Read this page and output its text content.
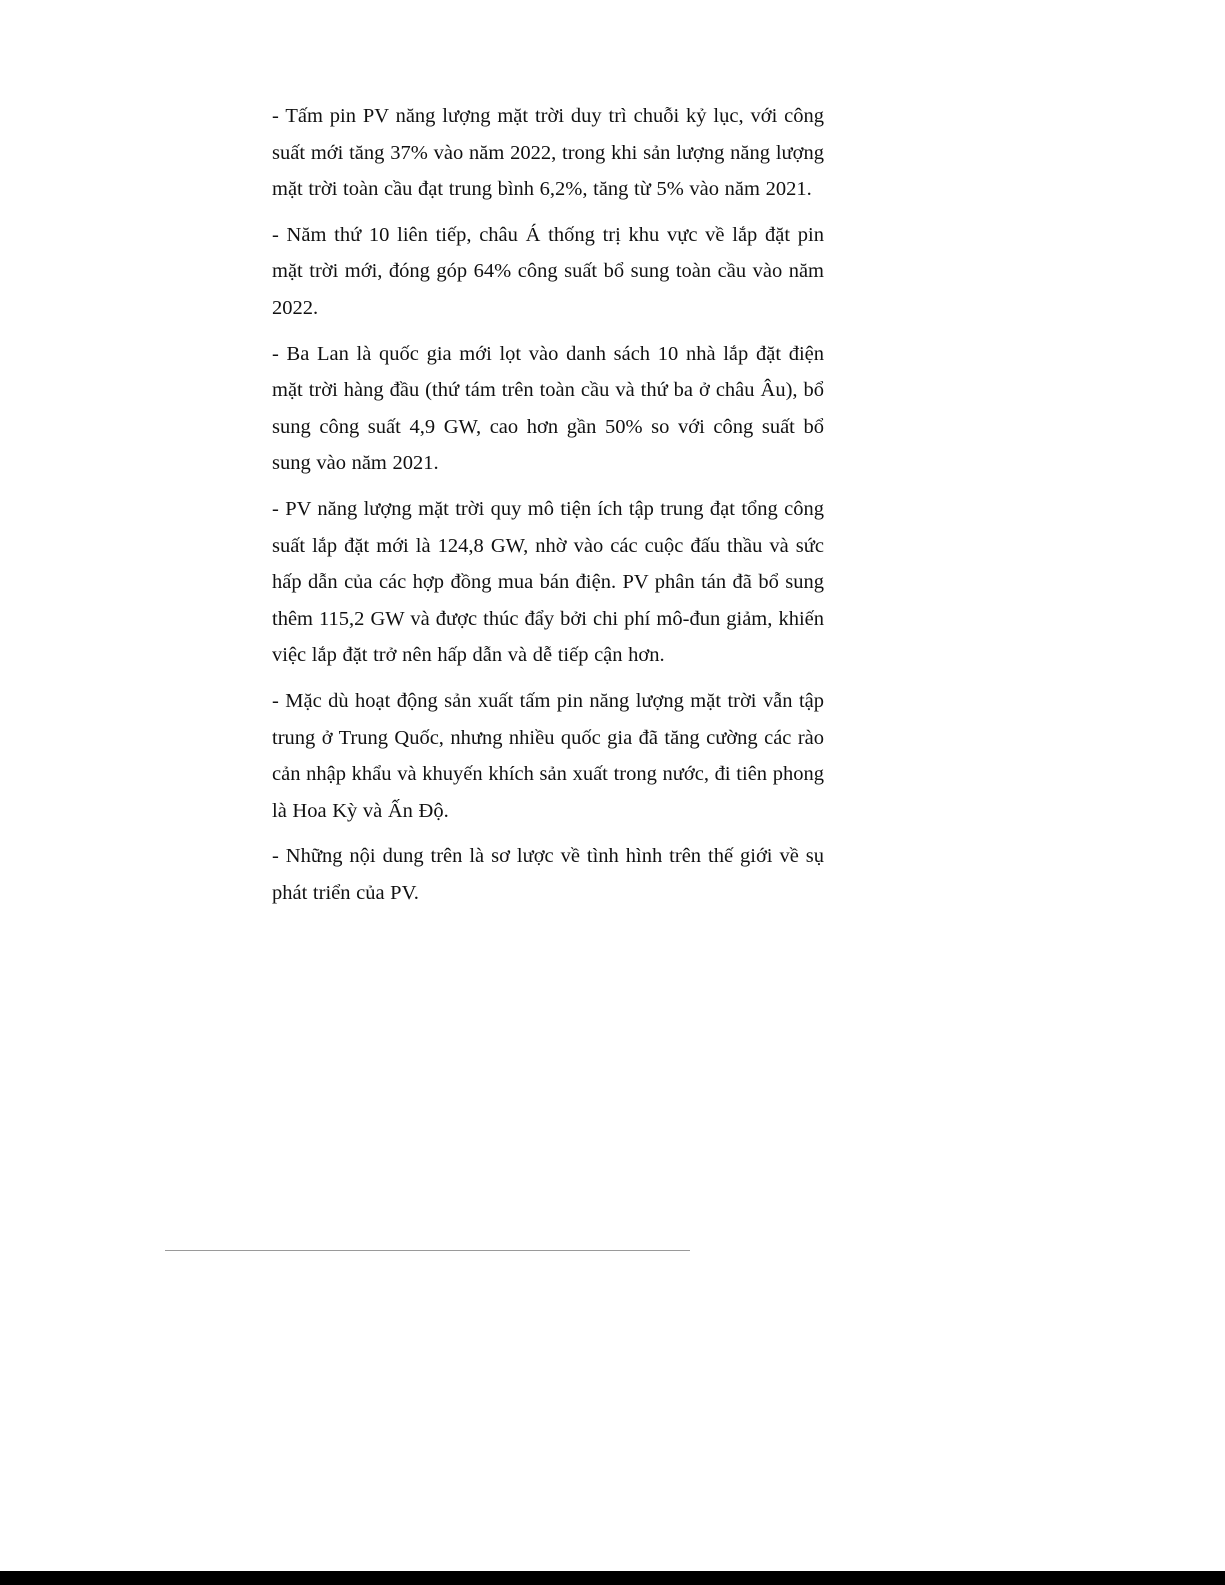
- Tấm pin PV năng lượng mặt trời duy trì chuỗi kỷ lục, với công suất mới tăng 37% vào năm 2022, trong khi sản lượng năng lượng mặt trời toàn cầu đạt trung bình 6,2%, tăng từ 5% vào năm 2021.

- Năm thứ 10 liên tiếp, châu Á thống trị khu vực về lắp đặt pin mặt trời mới, đóng góp 64% công suất bổ sung toàn cầu vào năm 2022.

- Ba Lan là quốc gia mới lọt vào danh sách 10 nhà lắp đặt điện mặt trời hàng đầu (thứ tám trên toàn cầu và thứ ba ở châu Âu), bổ sung công suất 4,9 GW, cao hơn gần 50% so với công suất bổ sung vào năm 2021.

- PV năng lượng mặt trời quy mô tiện ích tập trung đạt tổng công suất lắp đặt mới là 124,8 GW, nhờ vào các cuộc đấu thầu và sức hấp dẫn của các hợp đồng mua bán điện. PV phân tán đã bổ sung thêm 115,2 GW và được thúc đẩy bởi chi phí mô-đun giảm, khiến việc lắp đặt trở nên hấp dẫn và dễ tiếp cận hơn.

- Mặc dù hoạt động sản xuất tấm pin năng lượng mặt trời vẫn tập trung ở Trung Quốc, nhưng nhiều quốc gia đã tăng cường các rào cản nhập khẩu và khuyến khích sản xuất trong nước, đi tiên phong là Hoa Kỳ và Ấn Độ.

- Những nội dung trên là sơ lược về tình hình trên thế giới về sụ phát triển của PV.
